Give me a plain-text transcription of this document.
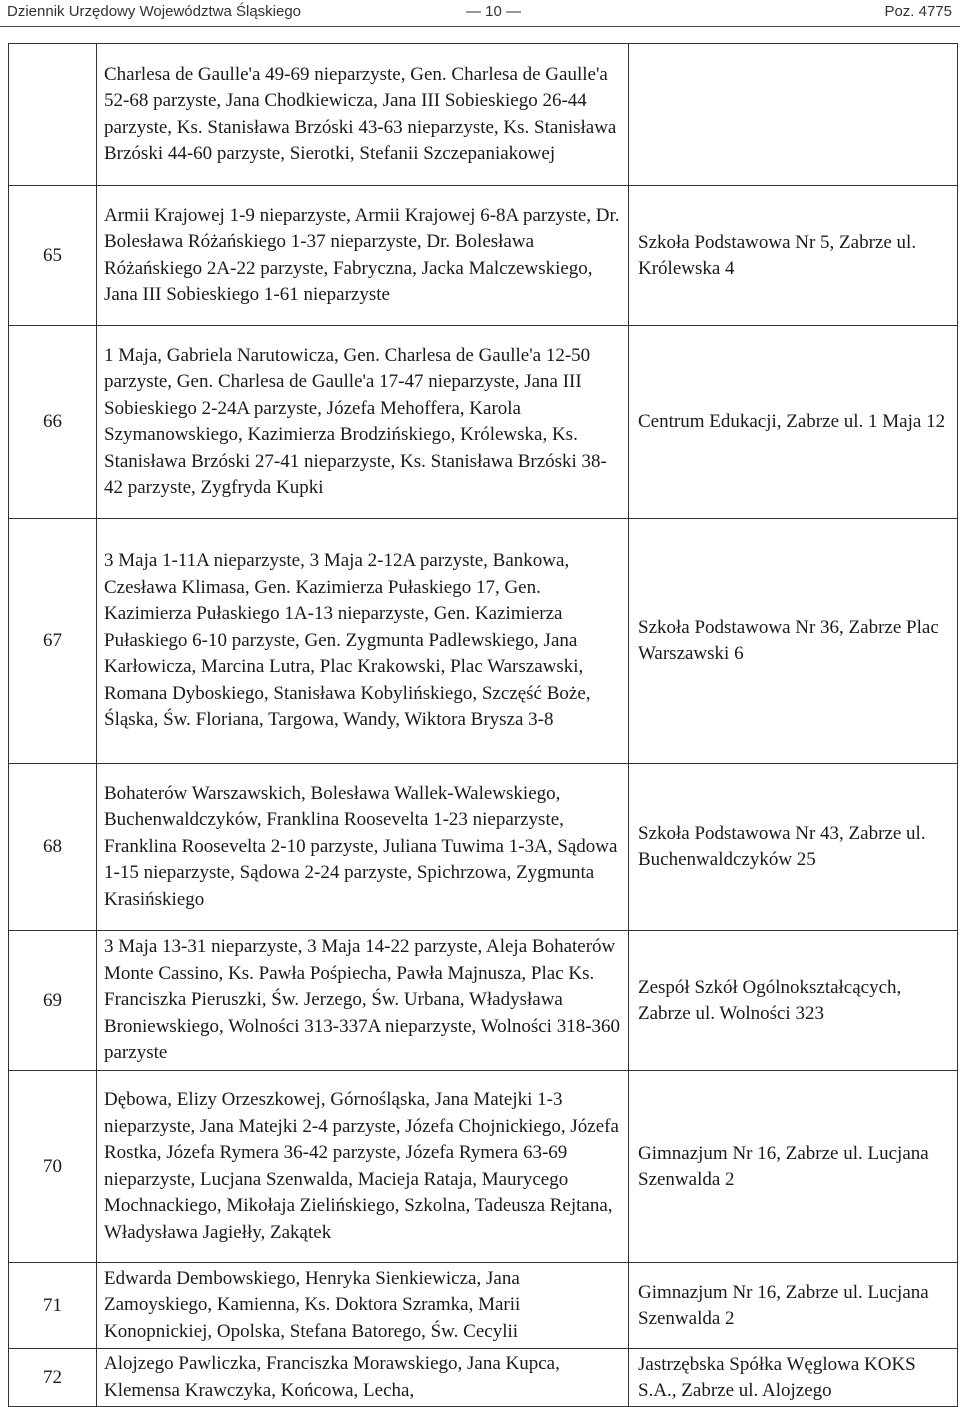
Dziennik Urzędowy Województwa Śląskiego	— 10 —	Poz. 4775
	Charlesa de Gaulle'a 49-69 nieparzyste, Gen. Charlesa de Gaulle'a 52-68 parzyste, Jana Chodkiewicza, Jana III Sobieskiego 26-44 parzyste, Ks. Stanisława Brzóski 43-63 nieparzyste, Ks. Stanisława Brzóski 44-60 parzyste, Sierotki, Stefanii Szczepaniakowej	
65	Armii Krajowej 1-9 nieparzyste, Armii Krajowej 6-8A parzyste, Dr. Bolesława Różańskiego 1-37 nieparzyste, Dr. Bolesława Różańskiego 2A-22 parzyste, Fabryczna, Jacka Malczewskiego, Jana III Sobieskiego 1-61 nieparzyste	Szkoła Podstawowa Nr 5, Zabrze ul. Królewska 4
66	1 Maja, Gabriela Narutowicza, Gen. Charlesa de Gaulle'a 12-50 parzyste, Gen. Charlesa de Gaulle'a 17-47 nieparzyste, Jana III Sobieskiego 2-24A parzyste, Józefa Mehoffera, Karola Szymanowskiego, Kazimierza Brodzińskiego, Królewska, Ks. Stanisława Brzóski 27-41 nieparzyste, Ks. Stanisława Brzóski 38-42 parzyste, Zygfryda Kupki	Centrum Edukacji, Zabrze ul. 1 Maja 12
67	3 Maja 1-11A nieparzyste, 3 Maja 2-12A parzyste, Bankowa, Czesława Klimasa, Gen. Kazimierza Pułaskiego 17, Gen. Kazimierza Pułaskiego 1A-13 nieparzyste, Gen. Kazimierza Pułaskiego 6-10 parzyste, Gen. Zygmunta Padlewskiego, Jana Karłowicza, Marcina Lutra, Plac Krakowski, Plac Warszawski, Romana Dyboskiego, Stanisława Kobylińskiego, Szczęść Boże, Śląska, Św. Floriana, Targowa, Wandy, Wiktora Brysza 3-8	Szkoła Podstawowa Nr 36, Zabrze Plac Warszawski 6
68	Bohaterów Warszawskich, Bolesława Wallek-Walewskiego, Buchenwaldczyków, Franklina Roosevelta 1-23 nieparzyste, Franklina Roosevelta 2-10 parzyste, Juliana Tuwima 1-3A, Sądowa 1-15 nieparzyste, Sądowa 2-24 parzyste, Spichrzowa, Zygmunta Krasińskiego	Szkoła Podstawowa Nr 43, Zabrze ul. Buchenwaldczyków 25
69	3 Maja 13-31 nieparzyste, 3 Maja 14-22 parzyste, Aleja Bohaterów Monte Cassino, Ks. Pawła Pośpiecha, Pawła Majnusza, Plac Ks. Franciszka Pieruszki, Św. Jerzego, Św. Urbana, Władysława Broniewskiego, Wolności 313-337A nieparzyste, Wolności 318-360 parzyste	Zespół Szkół Ogólnokształcących, Zabrze ul. Wolności 323
70	Dębowa, Elizy Orzeszkowej, Górnośląska, Jana Matejki 1-3 nieparzyste, Jana Matejki 2-4 parzyste, Józefa Chojnickiego, Józefa Rostka, Józefa Rymera 36-42 parzyste, Józefa Rymera 63-69 nieparzyste, Lucjana Szenwalda, Macieja Rataja, Maurycego Mochnackiego, Mikołaja Zielińskiego, Szkolna, Tadeusza Rejtana, Władysława Jagiełły, Zakątek	Gimnazjum Nr 16, Zabrze ul. Lucjana Szenwalda 2
71	Edwarda Dembowskiego, Henryka Sienkiewicza, Jana Zamoyskiego, Kamienna, Ks. Doktora Szramka, Marii Konopnickiej, Opolska, Stefana Batorego, Św. Cecylii	Gimnazjum Nr 16, Zabrze ul. Lucjana Szenwalda 2
72	Alojzego Pawliczka, Franciszka Morawskiego, Jana Kupca, Klemensa Krawczyka, Końcowa, Lecha,	Jastrzębska Spółka Węglowa KOKS S.A., Zabrze ul. Alojzego
